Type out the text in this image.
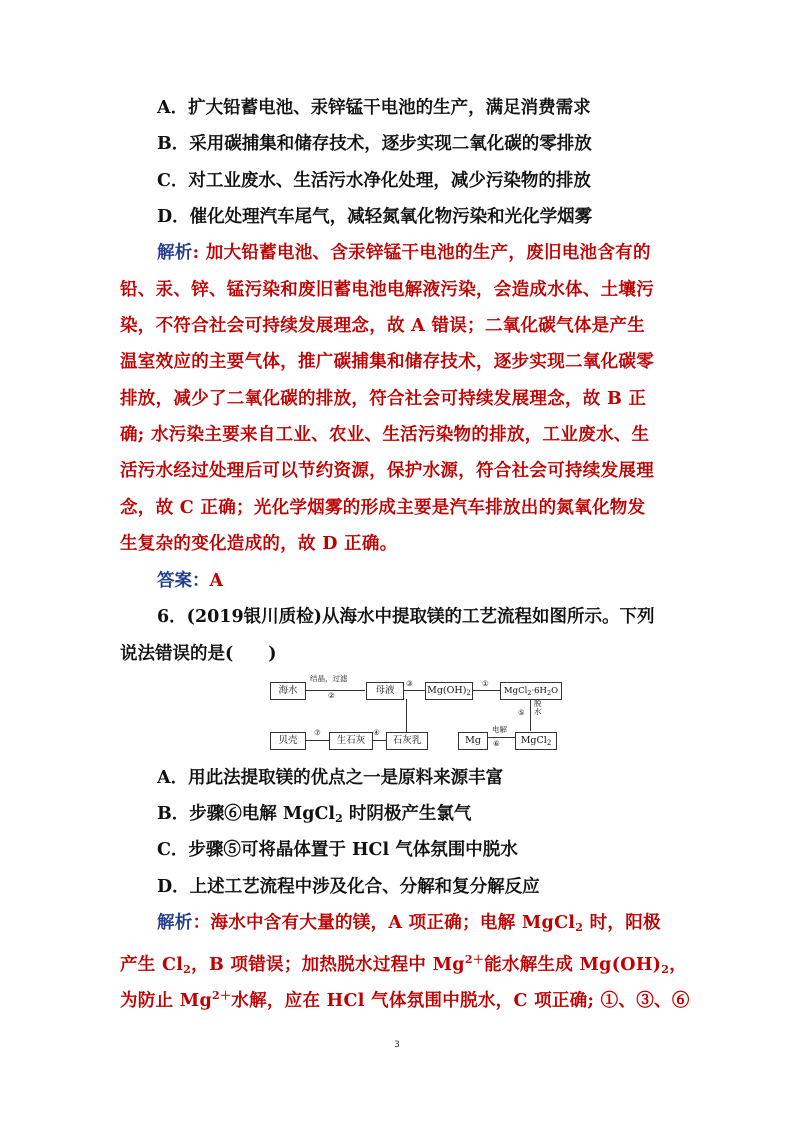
A．扩大铅蓄电池、汞锌锰干电池的生产，满足消费需求
B．采用碳捕集和储存技术，逐步实现二氧化碳的零排放
C．对工业废水、生活污水净化处理，减少污染物的排放
D．催化处理汽车尾气，减轻氮氧化物污染和光化学烟雾
解析: 加大铅蓄电池、含汞锌锰干电池的生产，废旧电池含有的
铅、汞、锌、锰污染和废旧蓄电池电解液污染，会造成水体、土壤污
染，不符合社会可持续发展理念，故 A 错误；二氧化碳气体是产生
温室效应的主要气体，推广碳捕集和储存技术，逐步实现二氧化碳零
排放，减少了二氧化碳的排放，符合社会可持续发展理念，故 B 正
确; 水污染主要来自工业、农业、生活污染物的排放，工业废水、生
活污水经过处理后可以节约资源，保护水源，符合社会可持续发展理
念，故 C 正确；光化学烟雾的形成主要是汽车排放出的氮氧化物发
生复杂的变化造成的，故 D 正确。
答案：A
6．(2019银川质检)从海水中提取镁的工艺流程如图所示。下列
说法错误的是(　　)
海水
结晶，过滤
②	母液
③
$Mg(OH)_2$
①
$MgCl_2\cdot 6H_2O$
脱 水
⑤
贝壳
⑦
生石灰
④
石灰乳	Mg
电解
⑥	MgCl$_2$
A．用此法提取镁的优点之一是原料来源丰富
B．步骤⑥电解 MgCl$_2$ 时阴极产生氯气
C．步骤⑤可将晶体置于 HCl 气体氛围中脱水
D．上述工艺流程中涉及化合、分解和复分解反应
解析：海水中含有大量的镁，A 项正确；电解 MgCl$_2$ 时，阳极
产生 $Cl_2$，B 项错误；加热脱水过程中 $Mg^{2+}$能水解生成 $Mg(OH)_2$，
为防止 $Mg^{2+}$水解，应在 HCl 气体氛围中脱水，C 项正确; ①、③、⑥
3
